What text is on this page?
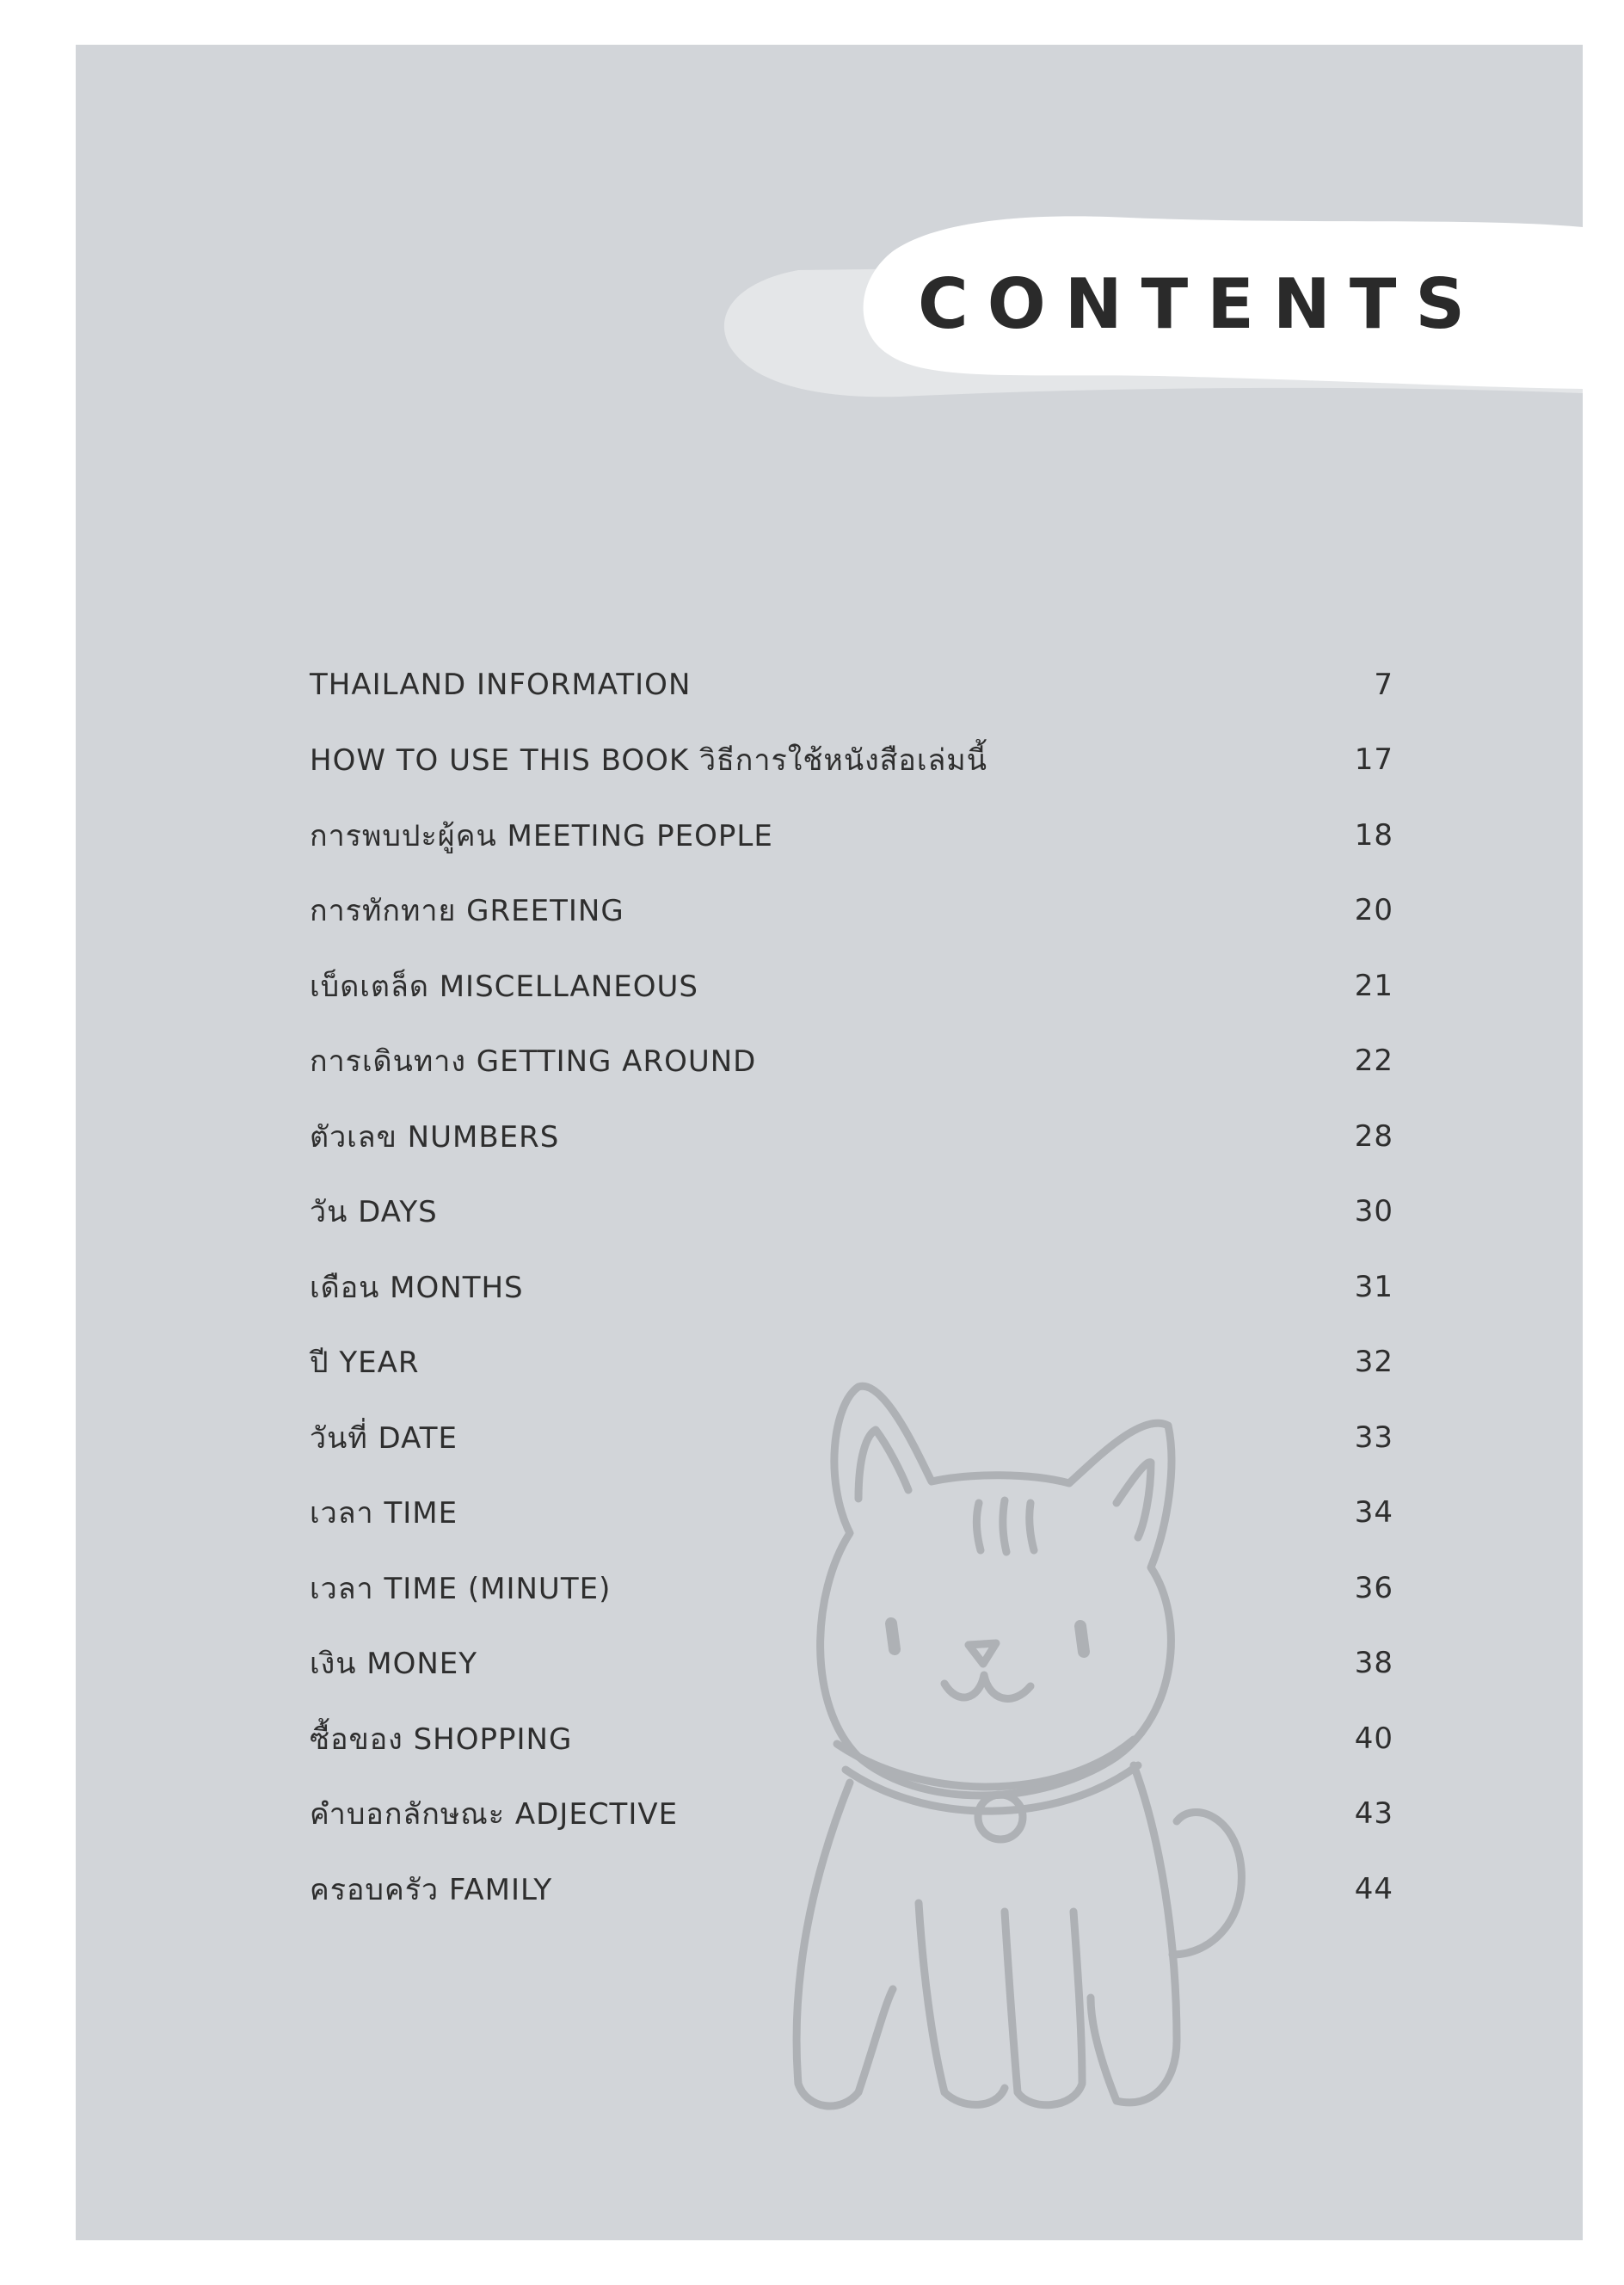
CONTENTS
THAILAND INFORMATION	7
HOW TO USE THIS BOOK วิธีการใช้หนังสือเล่มนี้	17
การพบปะผู้คน MEETING PEOPLE	18
การทักทาย GREETING	20
เบ็ดเตล็ด MISCELLANEOUS	21
การเดินทาง GETTING AROUND	22
ตัวเลข NUMBERS	28
วัน DAYS	30
เดือน MONTHS	31
ปี YEAR	32
วันที่ DATE	33
เวลา TIME	34
เวลา TIME (MINUTE)	36
เงิน MONEY	38
ซื้อของ SHOPPING	40
คำบอกลักษณะ ADJECTIVE	43
ครอบครัว FAMILY	44
